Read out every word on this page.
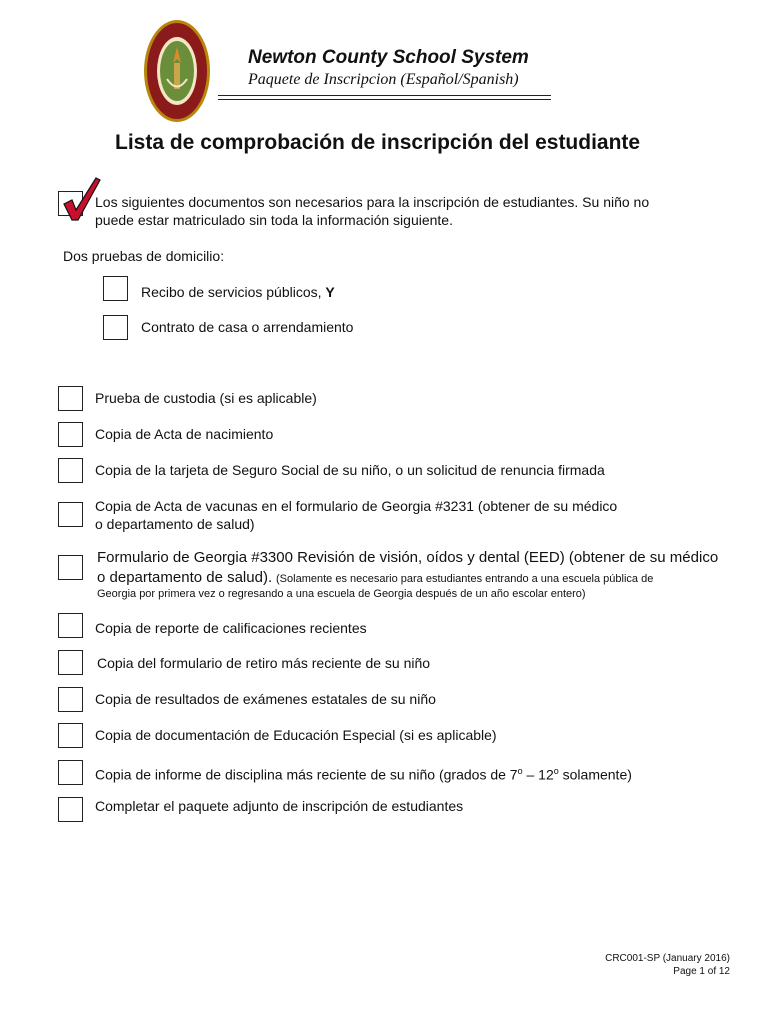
Newton County School System
Paquete de Inscripcion (Español/Spanish)
Lista de comprobación de inscripción del estudiante
Los siguientes documentos son necesarios para la inscripción de estudiantes. Su niño no
puede estar matriculado sin toda la información siguiente.
Dos pruebas de domicilio:
Recibo de servicios públicos, Y
Contrato de casa o arrendamiento
Prueba de custodia (si es aplicable)
Copia de Acta de nacimiento
Copia de la tarjeta de Seguro Social de su niño, o un solicitud de renuncia firmada
Copia de Acta de vacunas en el formulario de Georgia #3231 (obtener de su médico
o departamento de salud)
Formulario de Georgia #3300 Revisión de visión, oídos y dental (EED) (obtener de su médico
o departamento de salud). (Solamente es necesario para estudiantes entrando a una escuela pública de
Georgia por primera vez o regresando a una escuela de Georgia después de un año escolar entero)
Copia de reporte de calificaciones recientes
Copia del formulario de retiro más reciente de su niño
Copia de resultados de exámenes estatales de su niño
Copia de documentación de Educación Especial (si es aplicable)
Copia de informe de disciplina más reciente de su niño (grados de 7$^o$ – 12$^o$ solamente)
Completar el paquete adjunto de inscripción de estudiantes
CRC001-SP (January 2016)
Page 1 of 12
